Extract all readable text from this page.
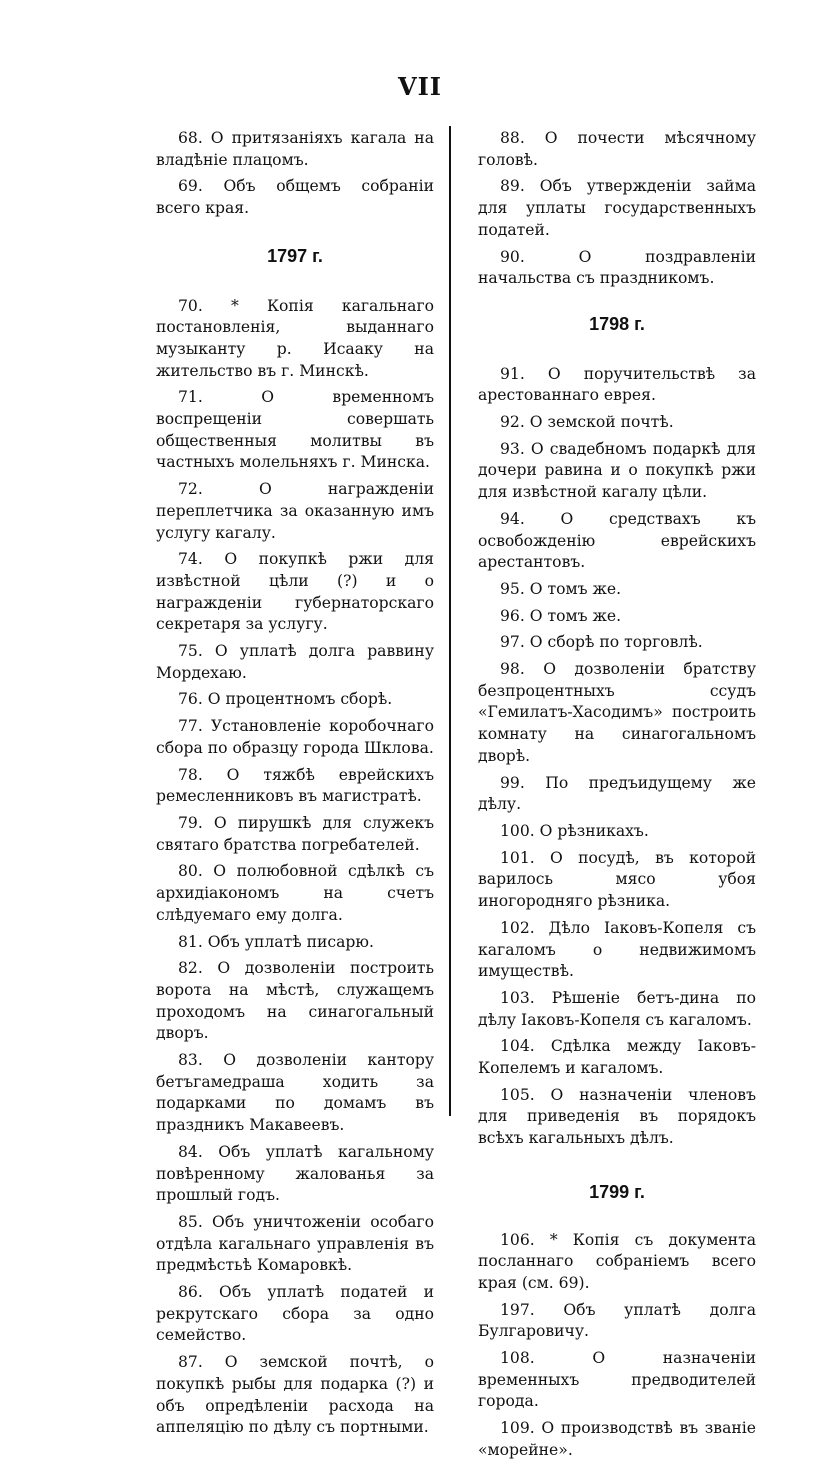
VII

68. О притязаніяхъ кагала на владѣніе плацомъ.

69. Объ общемъ собраніи всего края.

1797 г.

70. * Копія кагальнаго постановленія, выданнаго музыканту р. Исааку на жительство въ г. Минскѣ.

71. О временномъ воспрещеніи совершать общественныя молитвы въ частныхъ молельняхъ г. Минска.

72. О награжденіи переплетчика за оказанную имъ услугу кагалу.

74. О покупкѣ ржи для извѣстной цѣли (?) и о награжденіи губернаторскаго секретаря за услугу.

75. О уплатѣ долга раввину Мордехаю.

76. О процентномъ сборѣ.

77. Установленіе коробочнаго сбора по образцу города Шклова.

78. О тяжбѣ еврейскихъ ремесленниковъ въ магистратѣ.

79. О пирушкѣ для служекъ святаго братства погребателей.

80. О полюбовной сдѣлкѣ съ архидіакономъ на счетъ слѣдуемаго ему долга.

81. Объ уплатѣ писарю.

82. О дозволеніи построить ворота на мѣстѣ, служащемъ проходомъ на синагогальный дворъ.

83. О дозволеніи кантору бетъгамедраша ходить за подарками по домамъ въ праздникъ Макавеевъ.

84. Объ уплатѣ кагальному повѣренному жалованья за прошлый годъ.

85. Объ уничтоженіи особаго отдѣла кагальнаго управленія въ предмѣстьѣ Комаровкѣ.

86. Объ уплатѣ податей и рекрутскаго сбора за одно семейство.

87. О земской почтѣ, о покупкѣ рыбы для подарка (?) и объ опредѣленіи расхода на аппеляцію по дѣлу съ портными.

88. О почести мѣсячному головѣ.

89. Объ утвержденіи займа для уплаты государственныхъ податей.

90. О поздравленіи начальства съ праздникомъ.

1798 г.

91. О поручительствѣ за арестованнаго еврея.

92. О земской почтѣ.

93. О свадебномъ подаркѣ для дочери равина и о покупкѣ ржи для извѣстной кагалу цѣли.

94. О средствахъ къ освобожденію еврейскихъ арестантовъ.

95. О томъ же.

96. О томъ же.

97. О сборѣ по торговлѣ.

98. О дозволеніи братству безпроцентныхъ ссудъ «Гемилатъ-Хасодимъ» построить комнату на синагогальномъ дворѣ.

99. По предъидущему же дѣлу.

100. О рѣзникахъ.

101. О посудѣ, въ которой варилось мясо убоя иногородняго рѣзника.

102. Дѣло Іаковъ-Копеля съ кагаломъ о недвижимомъ имуществѣ.

103. Рѣшеніе бетъ-дина по дѣлу Іаковъ-Копеля съ кагаломъ.

104. Сдѣлка между Іаковъ-Копелемъ и кагаломъ.

105. О назначеніи членовъ для приведенія въ порядокъ всѣхъ кагальныхъ дѣлъ.

1799 г.

106. * Копія съ документа посланнаго собраніемъ всего края (см. 69).

197. Объ уплатѣ долга Булгаровичу.

108. О назначеніи временныхъ предводителей города.

109. О производствѣ въ званіе «морейне».
